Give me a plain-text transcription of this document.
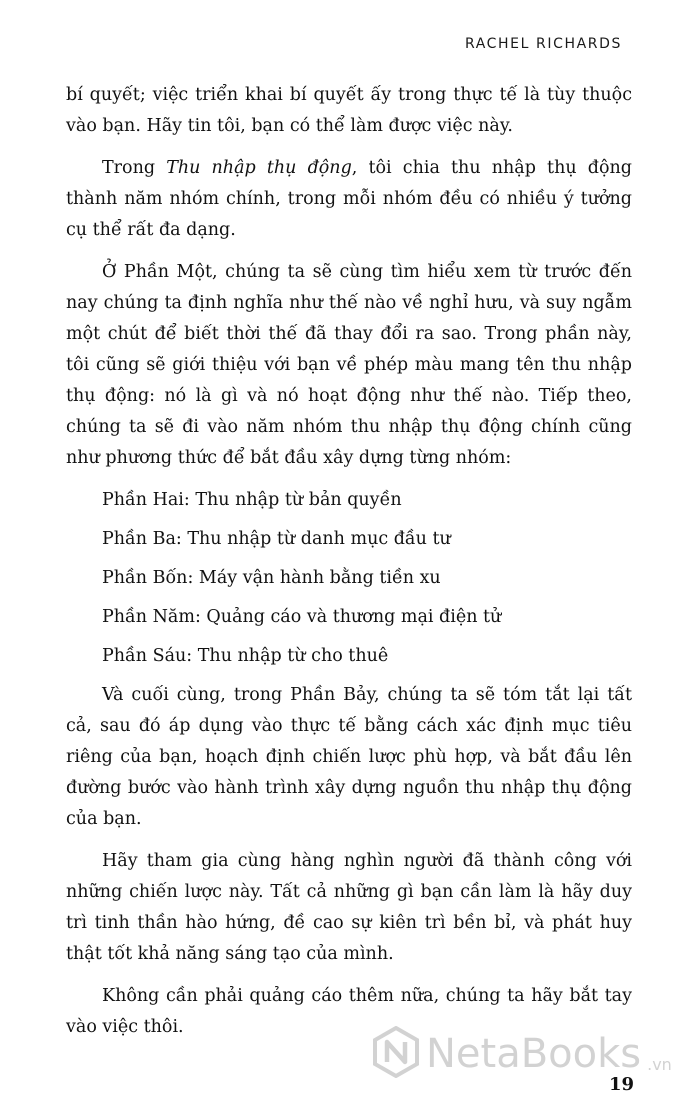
RACHEL RICHARDS

bí quyết; việc triển khai bí quyết ấy trong thực tế là tùy thuộc vào bạn. Hãy tin tôi, bạn có thể làm được việc này.

Trong Thu nhập thụ động, tôi chia thu nhập thụ động thành năm nhóm chính, trong mỗi nhóm đều có nhiều ý tưởng cụ thể rất đa dạng.

Ở Phần Một, chúng ta sẽ cùng tìm hiểu xem từ trước đến nay chúng ta định nghĩa như thế nào về nghỉ hưu, và suy ngẫm một chút để biết thời thế đã thay đổi ra sao. Trong phần này, tôi cũng sẽ giới thiệu với bạn về phép màu mang tên thu nhập thụ động: nó là gì và nó hoạt động như thế nào. Tiếp theo, chúng ta sẽ đi vào năm nhóm thu nhập thụ động chính cũng như phương thức để bắt đầu xây dựng từng nhóm:

Phần Hai: Thu nhập từ bản quyền

Phần Ba: Thu nhập từ danh mục đầu tư

Phần Bốn: Máy vận hành bằng tiền xu

Phần Năm: Quảng cáo và thương mại điện tử

Phần Sáu: Thu nhập từ cho thuê

Và cuối cùng, trong Phần Bảy, chúng ta sẽ tóm tắt lại tất cả, sau đó áp dụng vào thực tế bằng cách xác định mục tiêu riêng của bạn, hoạch định chiến lược phù hợp, và bắt đầu lên đường bước vào hành trình xây dựng nguồn thu nhập thụ động của bạn.

Hãy tham gia cùng hàng nghìn người đã thành công với những chiến lược này. Tất cả những gì bạn cần làm là hãy duy trì tinh thần hào hứng, đề cao sự kiên trì bền bỉ, và phát huy thật tốt khả năng sáng tạo của mình.

Không cần phải quảng cáo thêm nữa, chúng ta hãy bắt tay vào việc thôi.

NetaBooks .vn
19
